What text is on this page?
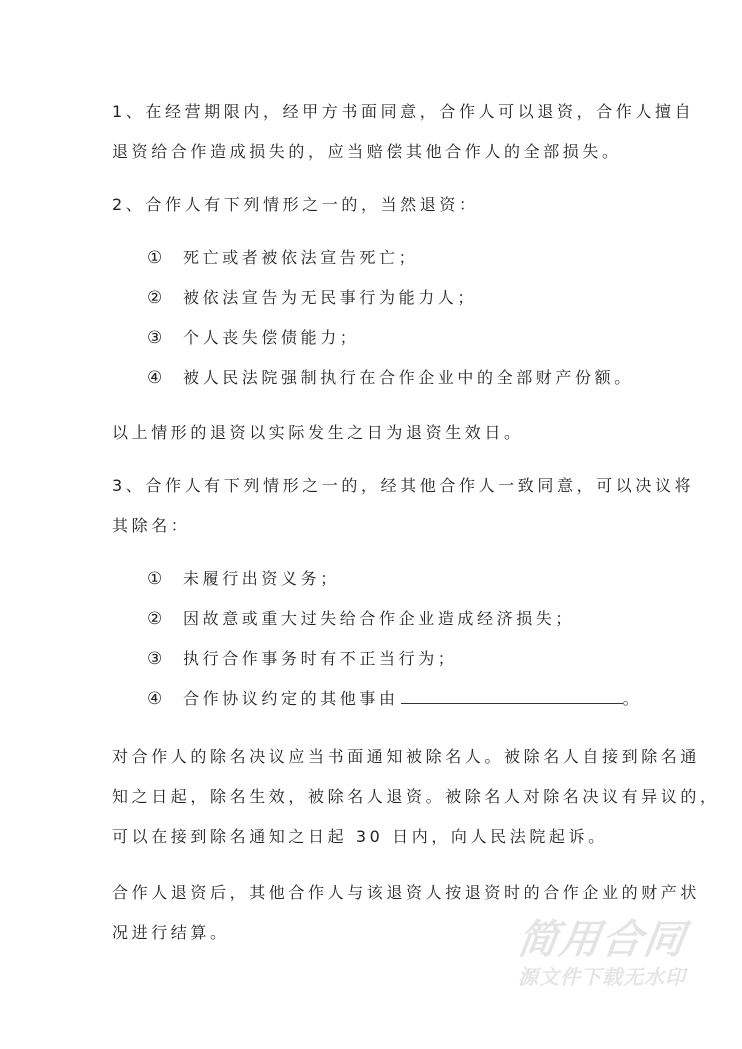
1、在经营期限内，经甲方书面同意，合作人可以退资，合作人擅自
退资给合作造成损失的，应当赔偿其他合作人的全部损失。
2、合作人有下列情形之一的，当然退资：
① 死亡或者被依法宣告死亡；
② 被依法宣告为无民事行为能力人；
③ 个人丧失偿债能力；
④ 被人民法院强制执行在合作企业中的全部财产份额。
以上情形的退资以实际发生之日为退资生效日。
3、合作人有下列情形之一的，经其他合作人一致同意，可以决议将
其除名：
① 未履行出资义务；
② 因故意或重大过失给合作企业造成经济损失；
③ 执行合作事务时有不正当行为；
④ 合作协议约定的其他事由	。
对合作人的除名决议应当书面通知被除名人。被除名人自接到除名通
知之日起，除名生效，被除名人退资。被除名人对除名决议有异议的，
可以在接到除名通知之日起 30 日内，向人民法院起诉。
合作人退资后，其他合作人与该退资人按退资时的合作企业的财产状
况进行结算。	简用合同
源文件下载无水印
